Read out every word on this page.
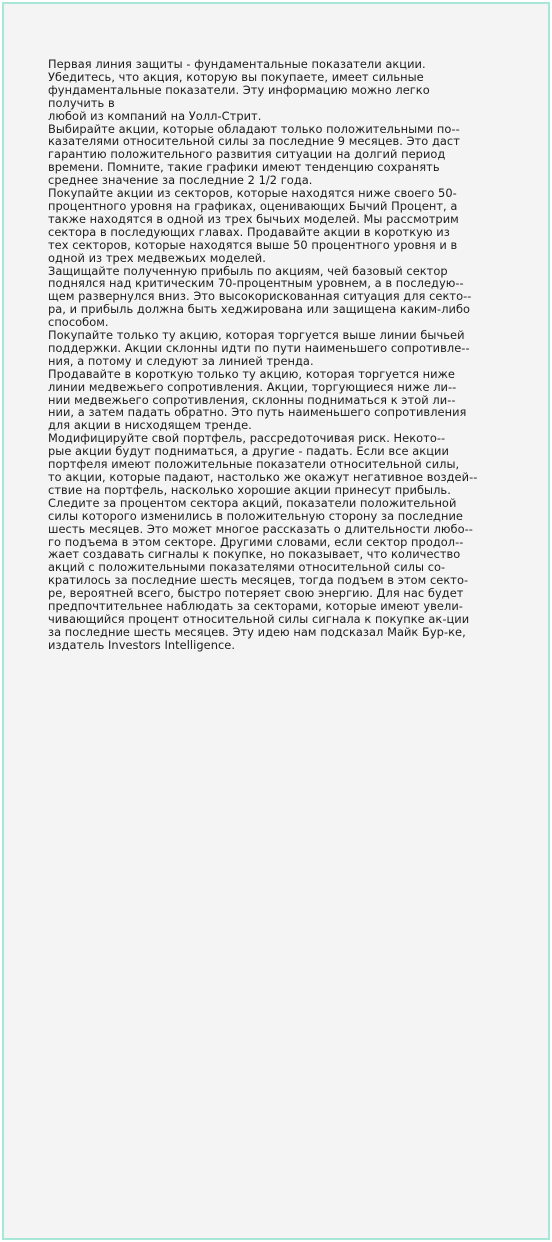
Первая линия защиты - фундаментальные показатели акции.
Убедитесь, что акция, которую вы покупаете, имеет сильные
фундаментальные показатели. Эту информацию можно легко
получить в
любой из компаний на Уолл-Стрит.
Выбирайте акции, которые обладают только положительными по--
казателями относительной силы за последние 9 месяцев. Это даст
гарантию положительного развития ситуации на долгий период
времени. Помните, такие графики имеют тенденцию сохранять
среднее значение за последние 2 1/2 года.
Покупайте акции из секторов, которые находятся ниже своего 50-
процентного уровня на графиках, оценивающих Бычий Процент, а
также находятся в одной из трех бычьих моделей. Мы рассмотрим
сектора в последующих главах. Продавайте акции в короткую из
тех секторов, которые находятся выше 50 процентного уровня и в
одной из трех медвежьих моделей.
Защищайте полученную прибыль по акциям, чей базовый сектор
поднялся над критическим 70-процентным уровнем, а в последую--
щем развернулся вниз. Это высокорискованная ситуация для секто--
ра, и прибыль должна быть хеджирована или защищена каким-либо
способом.
Покупайте только ту акцию, которая торгуется выше линии бычьей
поддержки. Акции склонны идти по пути наименьшего сопротивле--
ния, а потому и следуют за линией тренда.
Продавайте в короткую только ту акцию, которая торгуется ниже
линии медвежьего сопротивления. Акции, торгующиеся ниже ли--
нии медвежьего сопротивления, склонны подниматься к этой ли--
нии, а затем падать обратно. Это путь наименьшего сопротивления
для акции в нисходящем тренде.
Модифицируйте свой портфель, рассредоточивая риск. Некото--
рые акции будут подниматься, а другие - падать. Если все акции
портфеля имеют положительные показатели относительной силы,
то акции, которые падают, настолько же окажут негативное воздей--
ствие на портфель, насколько хорошие акции принесут прибыль.
Следите за процентом сектора акций, показатели положительной
силы которого изменились в положительную сторону за последние
шесть месяцев. Это может многое рассказать о длительности любо--
го подъема в этом секторе. Другими словами, если сектор продол--
жает создавать сигналы к покупке, но показывает, что количество
акций с положительными показателями относительной силы со-
кратилось за последние шесть месяцев, тогда подъем в этом секто-
ре, вероятней всего, быстро потеряет свою энергию. Для нас будет
предпочтительнее наблюдать за секторами, которые имеют увели-
чивающийся процент относительной силы сигнала к покупке ак-ции
за последние шесть месяцев. Эту идею нам подсказал Майк Бур-ке,
издатель Investors Intelligence.
